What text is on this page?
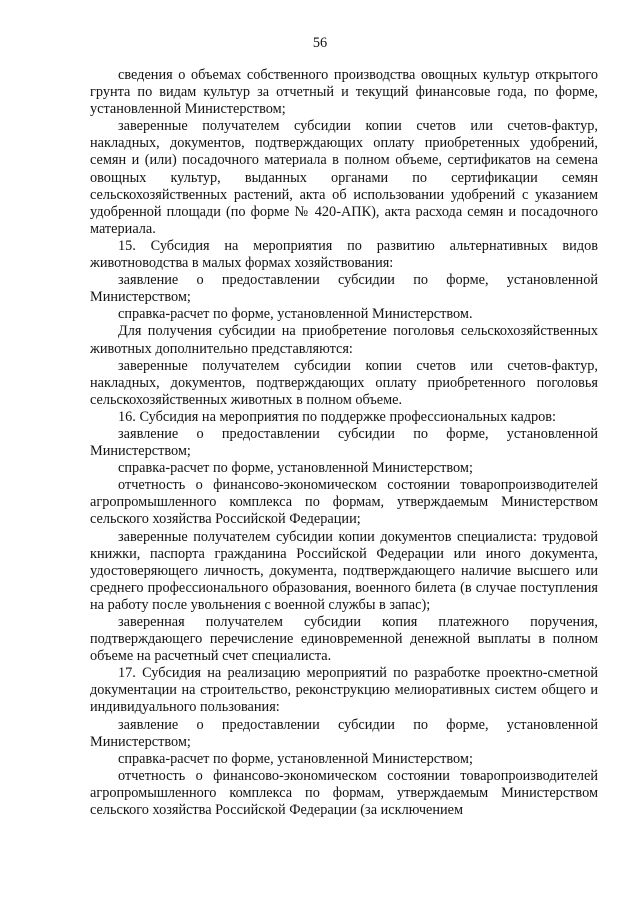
56

сведения о объемах собственного производства овощных культур открытого грунта по видам культур за отчетный и текущий финансовые года, по форме, установленной Министерством;

заверенные получателем субсидии копии счетов или счетов-фактур, накладных, документов, подтверждающих оплату приобретенных удобрений, семян и (или) посадочного материала в полном объеме, сертификатов на семена овощных культур, выданных органами по сертификации семян сельскохозяйственных растений, акта об использовании удобрений с указанием удобренной площади (по форме № 420-АПК), акта расхода семян и посадочного материала.

15. Субсидия на мероприятия по развитию альтернативных видов животноводства в малых формах хозяйствования:

заявление о предоставлении субсидии по форме, установленной Министерством;

справка-расчет по форме, установленной Министерством.

Для получения субсидии на приобретение поголовья сельскохозяйственных животных дополнительно представляются:

заверенные получателем субсидии копии счетов или счетов-фактур, накладных, документов, подтверждающих оплату приобретенного поголовья сельскохозяйственных животных в полном объеме.

16. Субсидия на мероприятия по поддержке профессиональных кадров:

заявление о предоставлении субсидии по форме, установленной Министерством;

справка-расчет по форме, установленной Министерством;

отчетность о финансово-экономическом состоянии товаропроизводителей агропромышленного комплекса по формам, утверждаемым Министерством сельского хозяйства Российской Федерации;

заверенные получателем субсидии копии документов специалиста: трудовой книжки, паспорта гражданина Российской Федерации или иного документа, удостоверяющего личность, документа, подтверждающего наличие высшего или среднего профессионального образования, военного билета (в случае поступления на работу после увольнения с военной службы в запас);

заверенная получателем субсидии копия платежного поручения, подтверждающего перечисление единовременной денежной выплаты в полном объеме на расчетный счет специалиста.

17. Субсидия на реализацию мероприятий по разработке проектно-сметной документации на строительство, реконструкцию мелиоративных систем общего и индивидуального пользования:

заявление о предоставлении субсидии по форме, установленной Министерством;

справка-расчет по форме, установленной Министерством;

отчетность о финансово-экономическом состоянии товаропроизводителей агропромышленного комплекса по формам, утверждаемым Министерством сельского хозяйства Российской Федерации (за исключением
